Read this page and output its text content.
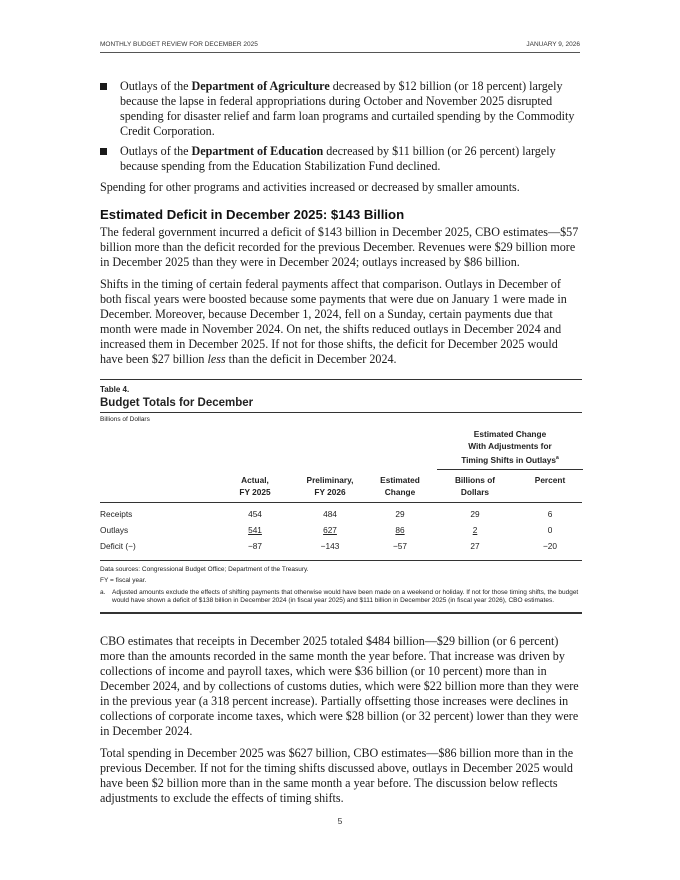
MONTHLY BUDGET REVIEW FOR DECEMBER 2025	JANUARY 9, 2026
Outlays of the Department of Agriculture decreased by $12 billion (or 18 percent) largely because the lapse in federal appropriations during October and November 2025 disrupted spending for disaster relief and farm loan programs and curtailed spending by the Commodity Credit Corporation.
Outlays of the Department of Education decreased by $11 billion (or 26 percent) largely because spending from the Education Stabilization Fund declined.

Spending for other programs and activities increased or decreased by smaller amounts.

Estimated Deficit in December 2025: $143 Billion

The federal government incurred a deficit of $143 billion in December 2025, CBO estimates—$57 billion more than the deficit recorded for the previous December. Revenues were $29 billion more in December 2025 than they were in December 2024; outlays increased by $86 billion.

Shifts in the timing of certain federal payments affect that comparison. Outlays in December of both fiscal years were boosted because some payments that were due on January 1 were made in December. Moreover, because December 1, 2024, fell on a Sunday, certain payments due that month were made in November 2024. On net, the shifts reduced outlays in December 2024 and increased them in December 2025. If not for those shifts, the deficit for December 2025 would have been $27 billion less than the deficit in December 2024.

Table 4.
Budget Totals for December
Billions of Dollars
Estimated Change
With Adjustments for
Timing Shifts in Outlays$^a$
Actual,
FY 2025
Preliminary,
FY 2026
Estimated
Change
Billions of
Dollars
Percent
Receipts	454	484	29	29	6
Outlays	541	627	86	2	0
Deficit (−)	−87	−143	−57	27	−20
Data sources: Congressional Budget Office; Department of the Treasury.
FY = fiscal year.
a. Adjusted amounts exclude the effects of shifting payments that otherwise would have been made on a weekend or holiday. If not for those timing shifts, the budget would have shown a deficit of $138 billion in December 2024 (in fiscal year 2025) and $111 billion in December 2025 (in fiscal year 2026), CBO estimates.

CBO estimates that receipts in December 2025 totaled $484 billion—$29 billion (or 6 percent) more than the amounts recorded in the same month the year before. That increase was driven by collections of income and payroll taxes, which were $36 billion (or 10 percent) more than in December 2024, and by collections of customs duties, which were $22 billion more than they were in the previous year (a 318 percent increase). Partially offsetting those increases were declines in collections of corporate income taxes, which were $28 billion (or 32 percent) lower than they were in December 2024.

Total spending in December 2025 was $627 billion, CBO estimates—$86 billion more than in the previous December. If not for the timing shifts discussed above, outlays in December 2025 would have been $2 billion more than in the same month a year before. The discussion below reflects adjustments to exclude the effects of timing shifts.

5
